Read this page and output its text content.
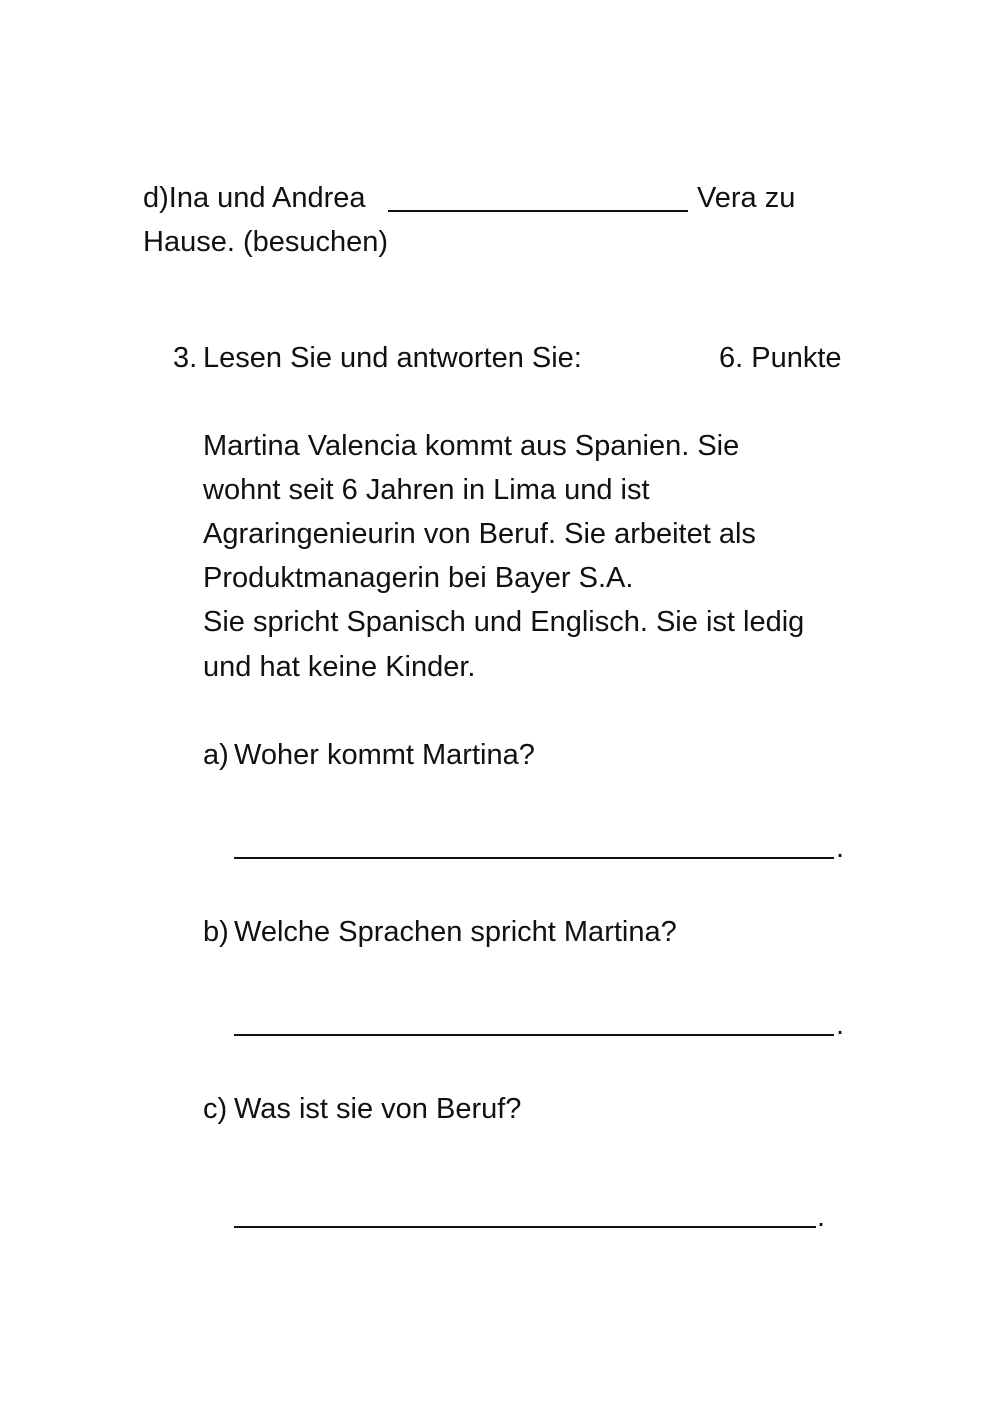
d)Ina und Andrea	Vera zu
Hause. (besuchen)
3. Lesen Sie und antworten Sie:	6. Punkte
Martina Valencia kommt aus Spanien. Sie
wohnt seit 6 Jahren in Lima und ist
Agraringenieurin von Beruf. Sie arbeitet als
Produktmanagerin bei Bayer S.A.
Sie spricht Spanisch und Englisch. Sie ist ledig
und hat keine Kinder.
a) Woher kommt Martina?
.
b) Welche Sprachen spricht Martina?
.
c) Was ist sie von Beruf?
.
